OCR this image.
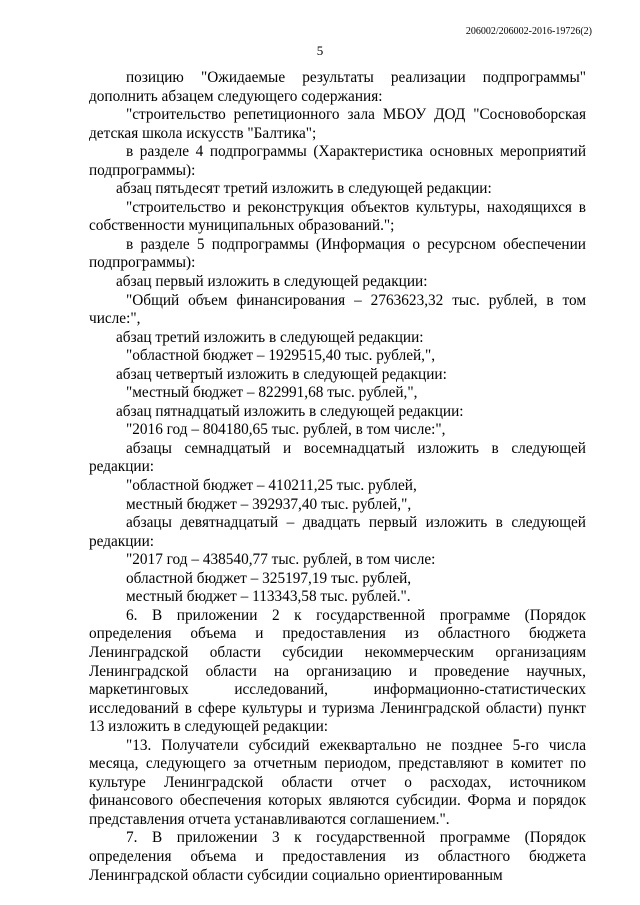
206002/206002-2016-19726(2)
5

позицию "Ожидаемые результаты реализации подпрограммы" дополнить абзацем следующего содержания:

"строительство репетиционного зала МБОУ ДОД "Сосновоборская детская школа искусств "Балтика";

в разделе 4 подпрограммы (Характеристика основных мероприятий подпрограммы):

абзац пятьдесят третий изложить в следующей редакции:

"строительство и реконструкция объектов культуры, находящихся в собственности муниципальных образований.";

в разделе 5 подпрограммы (Информация о ресурсном обеспечении подпрограммы):

абзац первый изложить в следующей редакции:

"Общий объем финансирования – 2763623,32 тыс. рублей, в том числе:",

абзац третий изложить в следующей редакции:

"областной бюджет – 1929515,40 тыс. рублей,",

абзац четвертый изложить в следующей редакции:

"местный бюджет – 822991,68 тыс. рублей,",

абзац пятнадцатый изложить в следующей редакции:

"2016 год – 804180,65 тыс. рублей, в том числе:",

абзацы семнадцатый и восемнадцатый изложить в следующей редакции:

"областной бюджет – 410211,25 тыс. рублей,

местный бюджет – 392937,40 тыс. рублей,",

абзацы девятнадцатый – двадцать первый изложить в следующей редакции:

"2017 год – 438540,77 тыс. рублей, в том числе:

областной бюджет – 325197,19 тыс. рублей,

местный бюджет – 113343,58 тыс. рублей.".

6. В приложении 2 к государственной программе (Порядок определения объема и предоставления из областного бюджета Ленинградской области субсидии некоммерческим организациям Ленинградской области на организацию и проведение научных, маркетинговых исследований, информационно-статистических исследований в сфере культуры и туризма Ленинградской области) пункт 13 изложить в следующей редакции:

"13. Получатели субсидий ежеквартально не позднее 5-го числа месяца, следующего за отчетным периодом, представляют в комитет по культуре Ленинградской области отчет о расходах, источником финансового обеспечения которых являются субсидии. Форма и порядок представления отчета устанавливаются соглашением.".

7. В приложении 3 к государственной программе (Порядок определения объема и предоставления из областного бюджета Ленинградской области субсидии социально ориентированным
